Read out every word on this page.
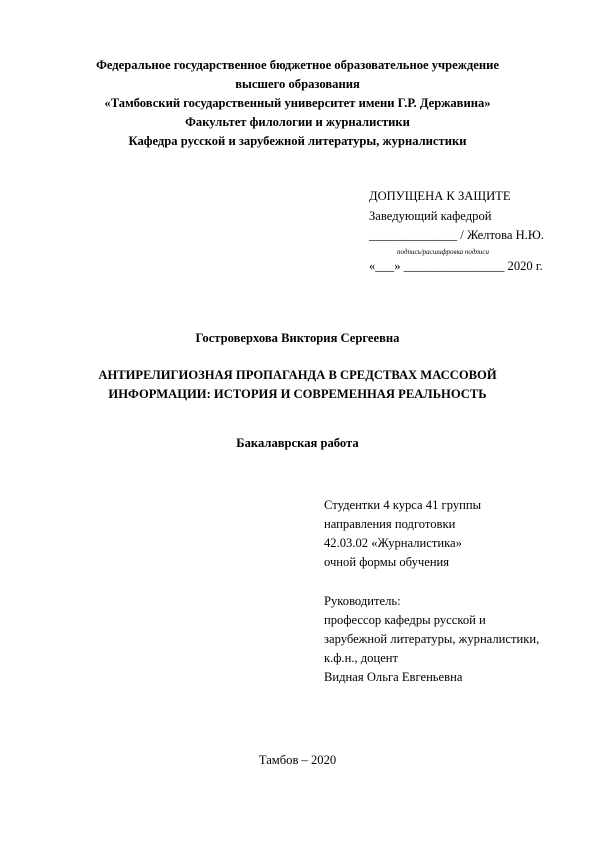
Федеральное государственное бюджетное образовательное учреждение
высшего образования
«Тамбовский государственный университет имени Г.Р. Державина»
Факультет филологии и журналистики
Кафедра русской и зарубежной литературы, журналистики
ДОПУЩЕНА К ЗАЩИТЕ
Заведующий кафедрой
______________ / Желтова Н.Ю.
подпись/расшифровка подписи
«___» ________________ 2020 г.
Гостроверхова Виктория Сергеевна
АНТИРЕЛИГИОЗНАЯ ПРОПАГАНДА В СРЕДСТВАХ МАССОВОЙ
ИНФОРМАЦИИ: ИСТОРИЯ И СОВРЕМЕННАЯ РЕАЛЬНОСТЬ
Бакалаврская работа
Студентки 4 курса 41 группы
направления подготовки
42.03.02 «Журналистика»
очной формы обучения
Руководитель:
профессор кафедры русской и
зарубежной литературы, журналистики,
к.ф.н., доцент
Видная Ольга Евгеньевна
Тамбов – 2020
